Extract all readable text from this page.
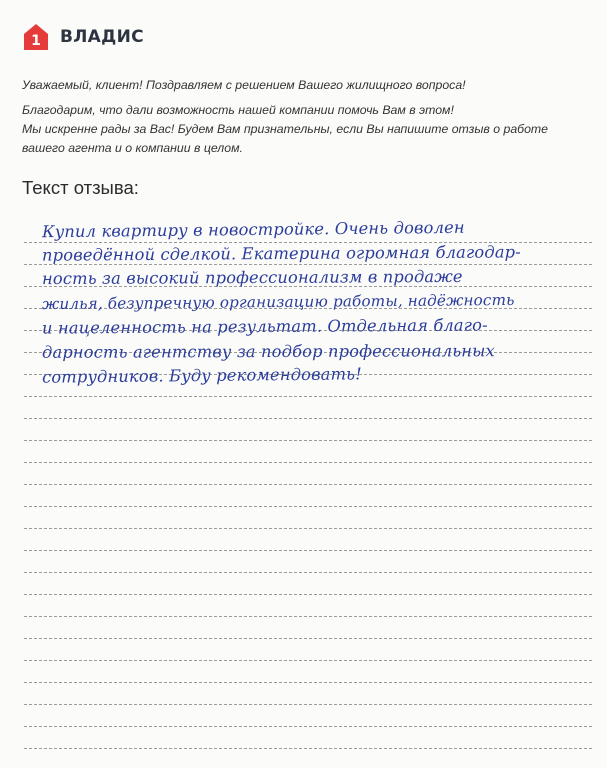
1 ВЛАДИС

Уважаемый, клиент! Поздравляем с решением Вашего жилищного вопроса!

Благодарим, что дали возможность нашей компании помочь Вам в этом!

Мы искренне рады за Вас! Будем Вам признательны, если Вы напишите отзыв о работе

вашего агента и о компании в целом.

Текст отзыва:
Купил квартиру в новостройке. Очень доволен
проведённой сделкой. Екатерина огромная благодар-
ность за высокий профессионализм в продаже
жилья, безупречную организацию работы, надёжность
и нацеленность на результат. Отдельная благо-
дарность агентству за подбор профессиональных
сотрудников. Буду рекомендовать!
